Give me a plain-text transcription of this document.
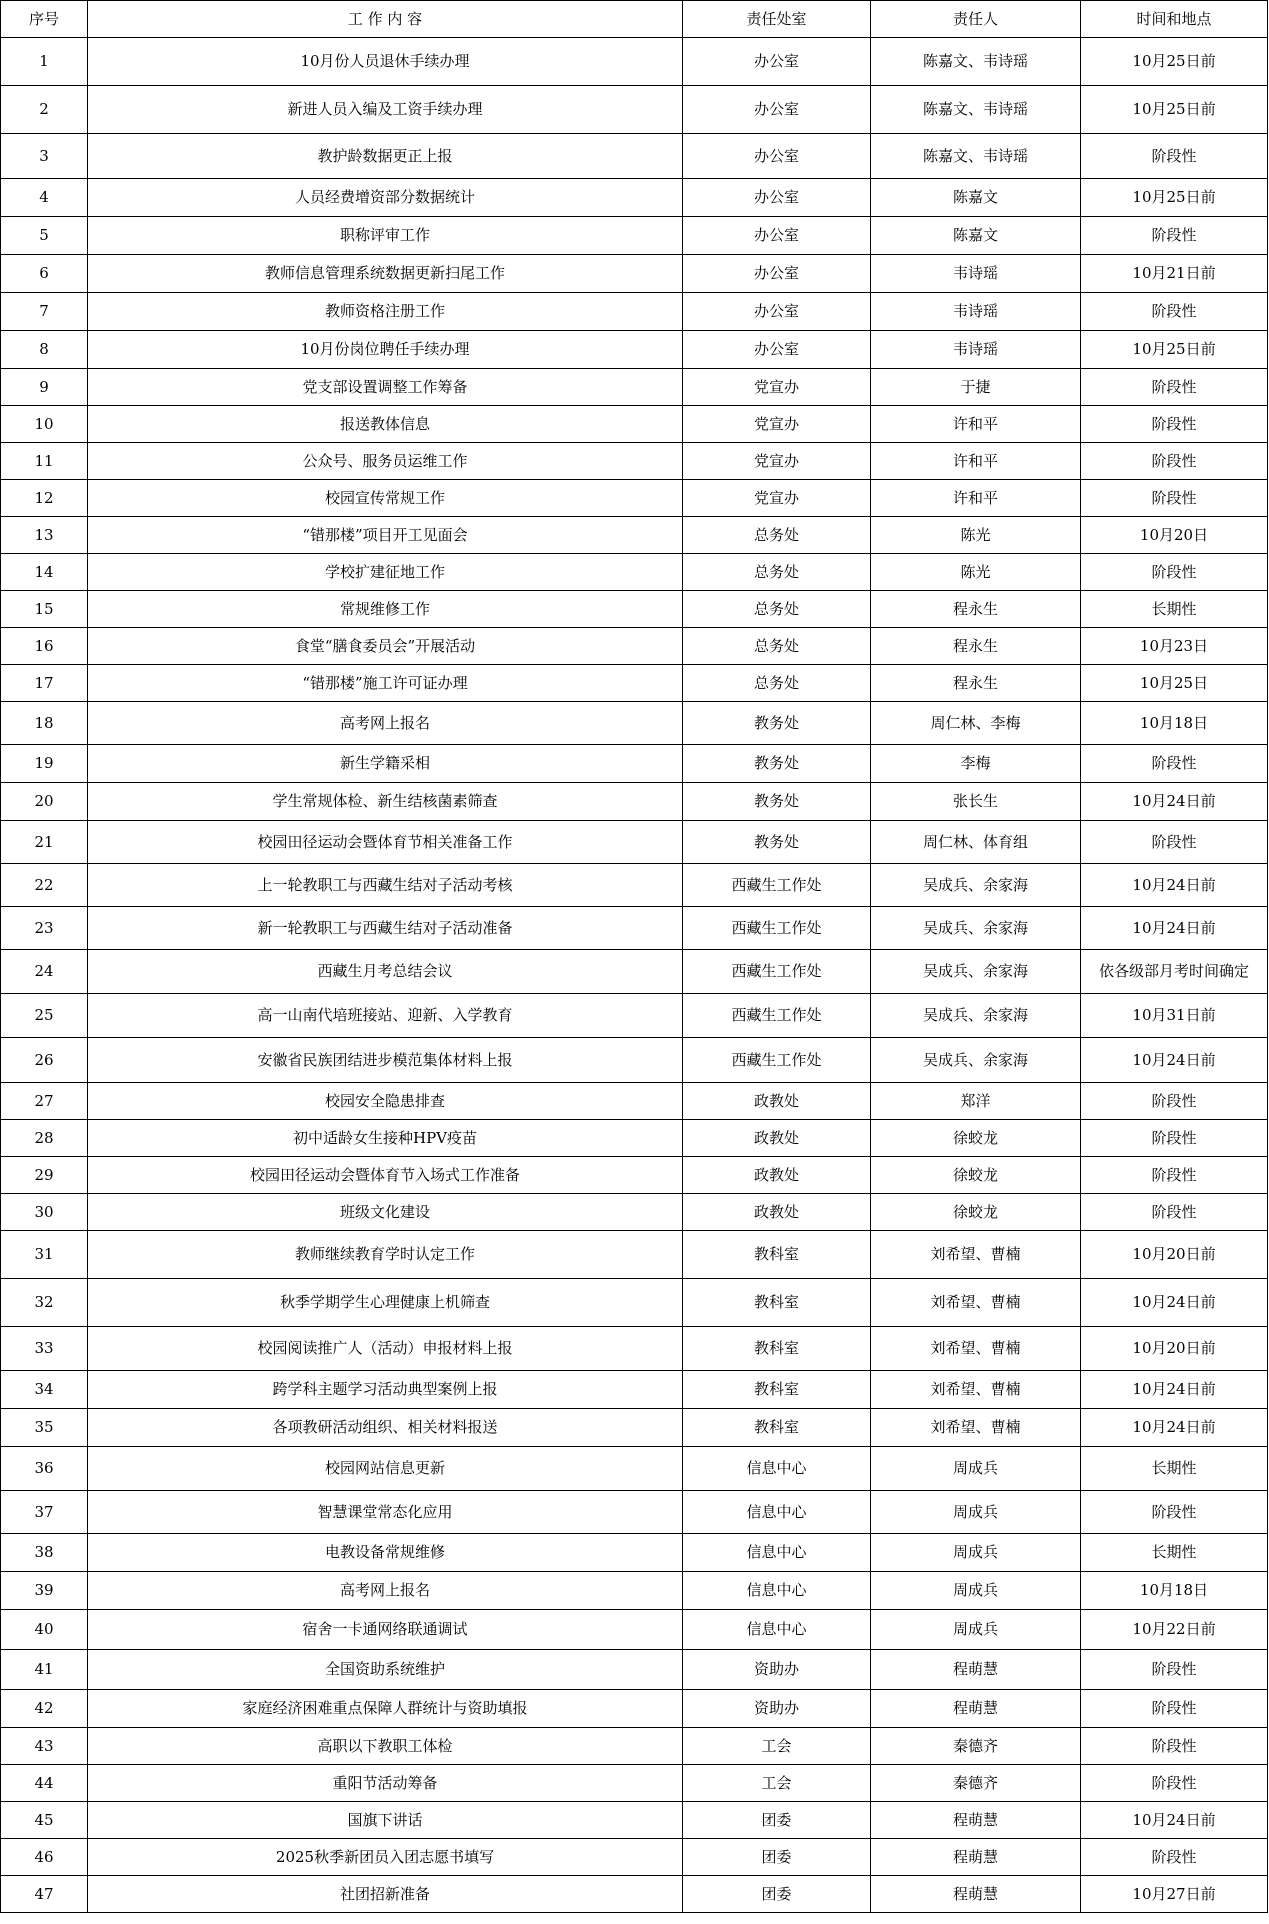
序号	工 作 内 容	责任处室	责任人	时间和地点
1	10月份人员退休手续办理	办公室	陈嘉文、韦诗瑶	10月25日前
2	新进人员入编及工资手续办理	办公室	陈嘉文、韦诗瑶	10月25日前
3	教护龄数据更正上报	办公室	陈嘉文、韦诗瑶	阶段性
4	人员经费增资部分数据统计	办公室	陈嘉文	10月25日前
5	职称评审工作	办公室	陈嘉文	阶段性
6	教师信息管理系统数据更新扫尾工作	办公室	韦诗瑶	10月21日前
7	教师资格注册工作	办公室	韦诗瑶	阶段性
8	10月份岗位聘任手续办理	办公室	韦诗瑶	10月25日前
9	党支部设置调整工作筹备	党宣办	于捷	阶段性
10	报送教体信息	党宣办	许和平	阶段性
11	公众号、服务员运维工作	党宣办	许和平	阶段性
12	校园宣传常规工作	党宣办	许和平	阶段性
13	“错那楼”项目开工见面会	总务处	陈光	10月20日
14	学校扩建征地工作	总务处	陈光	阶段性
15	常规维修工作	总务处	程永生	长期性
16	食堂“膳食委员会”开展活动	总务处	程永生	10月23日
17	“错那楼”施工许可证办理	总务处	程永生	10月25日
18	高考网上报名	教务处	周仁林、李梅	10月18日
19	新生学籍采相	教务处	李梅	阶段性
20	学生常规体检、新生结核菌素筛查	教务处	张长生	10月24日前
21	校园田径运动会暨体育节相关准备工作	教务处	周仁林、体育组	阶段性
22	上一轮教职工与西藏生结对子活动考核	西藏生工作处	吴成兵、余家海	10月24日前
23	新一轮教职工与西藏生结对子活动准备	西藏生工作处	吴成兵、余家海	10月24日前
24	西藏生月考总结会议	西藏生工作处	吴成兵、余家海	依各级部月考时间确定
25	高一山南代培班接站、迎新、入学教育	西藏生工作处	吴成兵、余家海	10月31日前
26	安徽省民族团结进步模范集体材料上报	西藏生工作处	吴成兵、余家海	10月24日前
27	校园安全隐患排查	政教处	郑洋	阶段性
28	初中适龄女生接种HPV疫苗	政教处	徐蛟龙	阶段性
29	校园田径运动会暨体育节入场式工作准备	政教处	徐蛟龙	阶段性
30	班级文化建设	政教处	徐蛟龙	阶段性
31	教师继续教育学时认定工作	教科室	刘希望、曹楠	10月20日前
32	秋季学期学生心理健康上机筛查	教科室	刘希望、曹楠	10月24日前
33	校园阅读推广人（活动）申报材料上报	教科室	刘希望、曹楠	10月20日前
34	跨学科主题学习活动典型案例上报	教科室	刘希望、曹楠	10月24日前
35	各项教研活动组织、相关材料报送	教科室	刘希望、曹楠	10月24日前
36	校园网站信息更新	信息中心	周成兵	长期性
37	智慧课堂常态化应用	信息中心	周成兵	阶段性
38	电教设备常规维修	信息中心	周成兵	长期性
39	高考网上报名	信息中心	周成兵	10月18日
40	宿舍一卡通网络联通调试	信息中心	周成兵	10月22日前
41	全国资助系统维护	资助办	程萌慧	阶段性
42	家庭经济困难重点保障人群统计与资助填报	资助办	程萌慧	阶段性
43	高职以下教职工体检	工会	秦德齐	阶段性
44	重阳节活动筹备	工会	秦德齐	阶段性
45	国旗下讲话	团委	程萌慧	10月24日前
46	2025秋季新团员入团志愿书填写	团委	程萌慧	阶段性
47	社团招新准备	团委	程萌慧	10月27日前
